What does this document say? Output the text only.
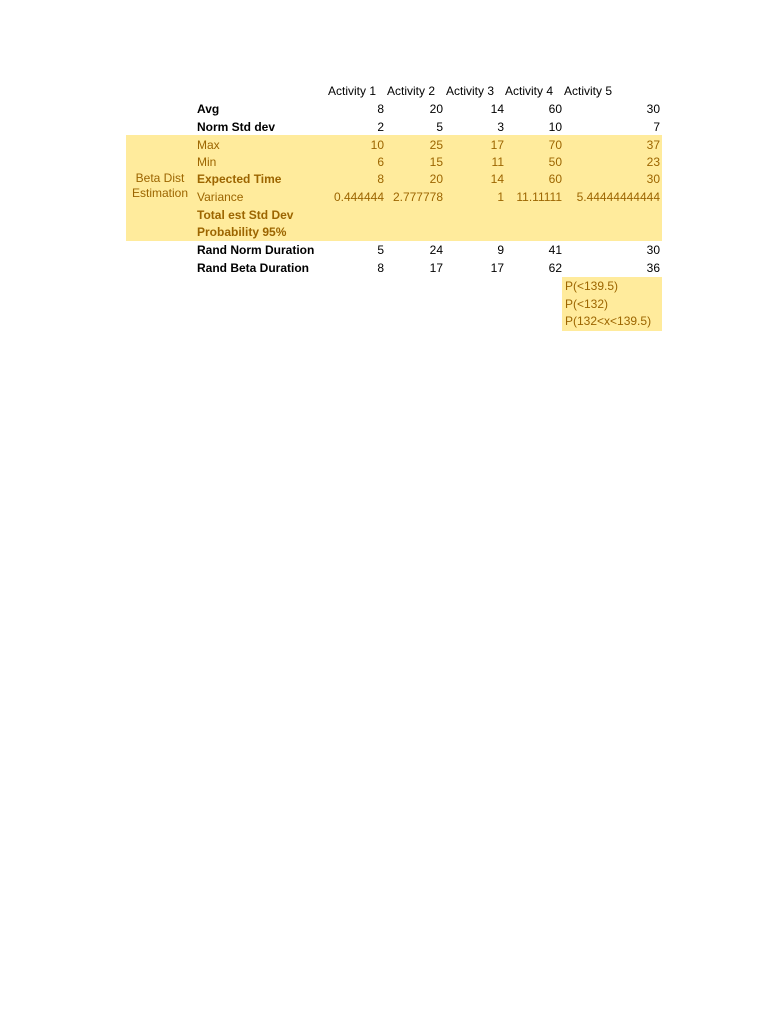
Beta Dist
Estimation
Activity 1 Activity 2 Activity 3 Activity 4 Activity 5
Avg	8	20	14	60	30
Norm Std dev	2	5	3	10	7
Max	10	25	17	70	37
Min	6	15	11	50	23
Expected Time	8	20	14	60	30
Variance	0.444444 2.777778	1	11.11111	5.44444444444
Total est Std Dev
Probability 95%
Rand Norm Duration	5	24	9	41	30
Rand Beta Duration	8	17	17	62	36
P(<139.5)
P(<132)
P(132<x<139.5)
